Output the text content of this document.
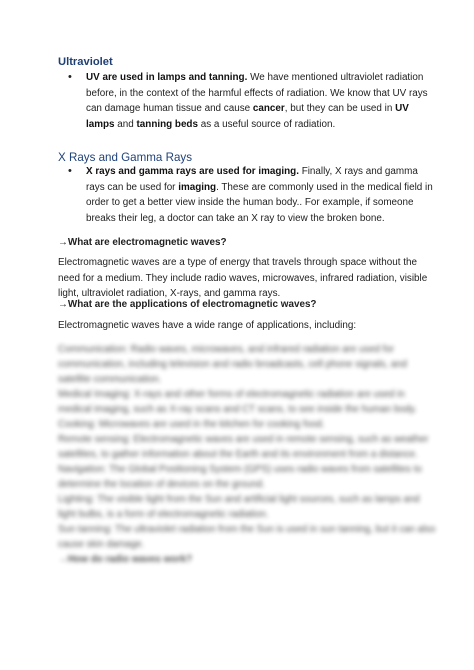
Ultraviolet
•	UV are used in lamps and tanning. We have mentioned ultraviolet radiation before, in the context of the harmful effects of radiation. We know that UV rays can damage human tissue and cause cancer, but they can be used in UV lamps and tanning beds as a useful source of radiation.
X Rays and Gamma Rays
•	X rays and gamma rays are used for imaging. Finally, X rays and gamma rays can be used for imaging. These are commonly used in the medical field in order to get a better view inside the human body.. For example, if someone breaks their leg, a doctor can take an X ray to view the broken bone.
→What are electromagnetic waves?
Electromagnetic waves are a type of energy that travels through space without the need for a medium. They include radio waves, microwaves, infrared radiation, visible light, ultraviolet radiation, X-rays, and gamma rays.
→What are the applications of electromagnetic waves?
Electromagnetic waves have a wide range of applications, including:

Communication: Radio waves, microwaves, and infrared radiation are used for communication, including television and radio broadcasts, cell phone signals, and satellite communication.

Medical Imaging: X-rays and other forms of electromagnetic radiation are used in medical imaging, such as X-ray scans and CT scans, to see inside the human body.

Cooking: Microwaves are used in the kitchen for cooking food.

Remote sensing: Electromagnetic waves are used in remote sensing, such as weather satellites, to gather information about the Earth and its environment from a distance.

Navigation: The Global Positioning System (GPS) uses radio waves from satellites to determine the location of devices on the ground.

Lighting: The visible light from the Sun and artificial light sources, such as lamps and light bulbs, is a form of electromagnetic radiation.

Sun tanning: The ultraviolet radiation from the Sun is used in sun tanning, but it can also cause skin damage.

→How do radio waves work?
